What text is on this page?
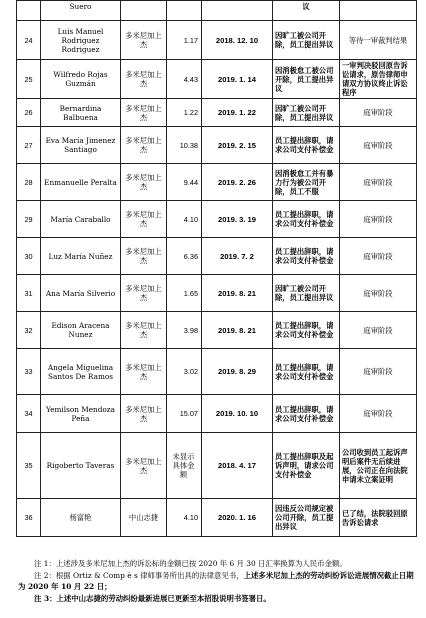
	Suero				议	
24	Luis Manuel Rodriguez Rodriguez	多米尼加上杰	1.17	2018. 12. 10	因旷工被公司开除，员工提出异议	等待一审裁判结果
25	Wilfredo Rojas Guzmán	多米尼加上杰	4.43	2019. 1. 14	因消极怠工被公司开除，员工提出异议	一审判决驳回原告诉讼请求，原告律师申请双方协议终止诉讼程序
26	Bernardina Balbuena	多米尼加上杰	1.22	2019. 1. 22	因旷工被公司开除，员工提出异议	庭审阶段
27	Eva María Jimenez Santiago	多米尼加上杰	10.38	2019. 2. 15	员工提出辞职，请求公司支付补偿金	庭审阶段
28	Enmanuelle Peralta	多米尼加上杰	9.44	2019. 2. 26	因消极怠工并有暴力行为被公司开除，员工不服	庭审阶段
29	María Caraballo	多米尼加上杰	4.10	2019. 3. 19	员工提出辞职，请求公司支付补偿金	庭审阶段
30	Luz María Nuñez	多米尼加上杰	6.36	2019. 7. 2	员工提出辞职，请求公司支付补偿金	庭审阶段
31	Ana María Silverio	多米尼加上杰	1.65	2019. 8. 21	因旷工被公司开除，员工提出异议	庭审阶段
32	Edison Aracena Nunez	多米尼加上杰	3.98	2019. 8. 21	员工提出辞职，请求公司支付补偿金	庭审阶段
33	Angela Miguelina Santos De Ramos	多米尼加上杰	3.02	2019. 8. 29	员工提出辞职，请求公司支付补偿金	庭审阶段
34	Yemilson Mendoza Peña	多米尼加上杰	15.07	2019. 10. 10	员工提出辞职，请求公司支付补偿金	庭审阶段
35	Rigoberto Taveras	多米尼加上杰	未显示具体金额	2018. 4. 17	员工提出辞职及起诉声明，请求公司支付补偿金	公司收到员工起诉声明后案件无后续进展，公司正在向法院申请未立案证明
36	杨富艳	中山志捷	4.10	2020. 1. 16	因违反公司规定被公司开除，员工提出异议	已了结，法院驳回原告诉讼请求

注 1：上述涉及多米尼加上杰的诉讼标的金额已按 2020 年 6 月 30 日汇率换算为人民币金额。

注 2：根据 Ortiz & Comp è s 律师事务所出具的法律意见书，上述多米尼加上杰的劳动纠纷诉讼进展情况截止日期为 2020 年 10 月 22 日；

注 3：上述中山志捷的劳动纠纷最新进展已更新至本招股说明书签署日。
